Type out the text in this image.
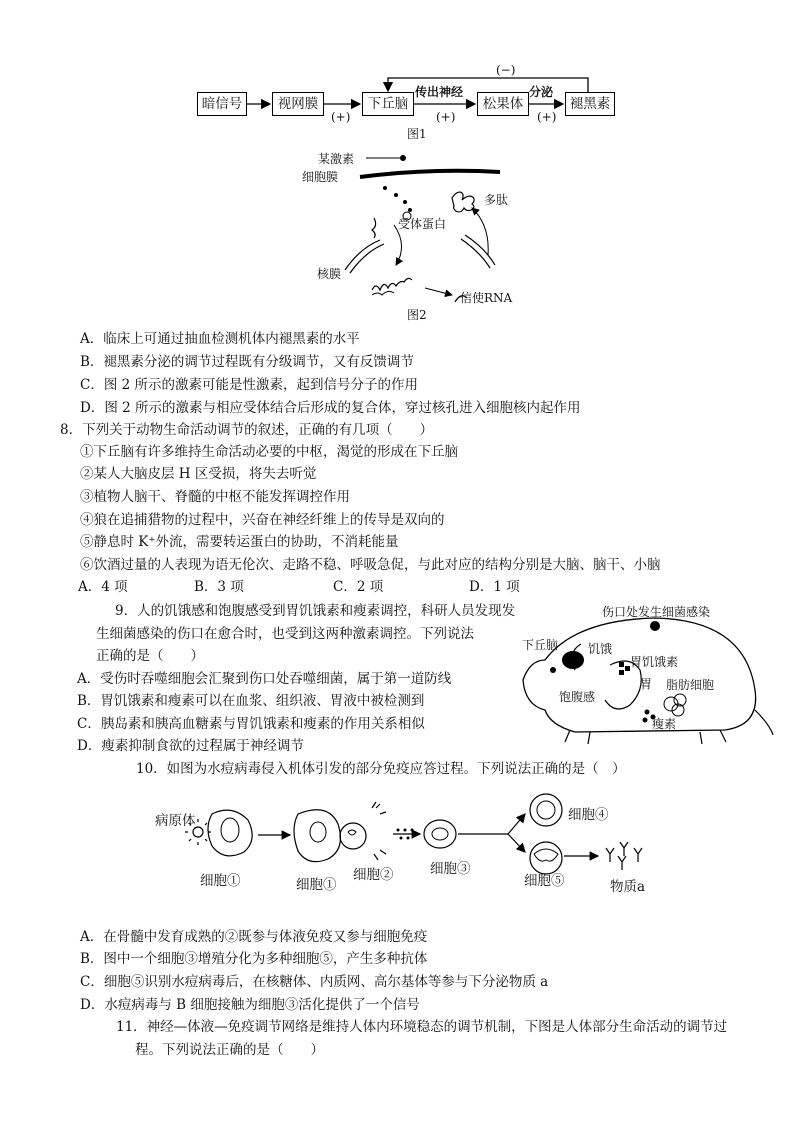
暗信号	视网膜	下丘脑	松果体	褪黑素
传出神经	分泌
(+)	(+)	(+)
(−)
图1
某激素
细胞膜
受体蛋白
多肽
核膜
信使RNA
图2
A．临床上可通过抽血检测机体内褪黑素的水平
B．褪黑素分泌的调节过程既有分级调节，又有反馈调节
C．图 2 所示的激素可能是性激素，起到信号分子的作用
D．图 2 所示的激素与相应受体结合后形成的复合体，穿过核孔进入细胞核内起作用
8．下列关于动物生命活动调节的叙述，正确的有几项（　　）
①下丘脑有许多维持生命活动必要的中枢，渴觉的形成在下丘脑
②某人大脑皮层 H 区受损，将失去听觉
③植物人脑干、脊髓的中枢不能发挥调控作用
④狼在追捕猎物的过程中，兴奋在神经纤维上的传导是双向的
⑤静息时 K⁺外流，需要转运蛋白的协助，不消耗能量
⑥饮酒过量的人表现为语无伦次、走路不稳、呼吸急促，与此对应的结构分别是大脑、脑干、小脑
A．4 项	B．3 项	C．2 项	D．1 项
9．人的饥饿感和饱腹感受到胃饥饿素和瘦素调控，科研人员发现发
生细菌感染的伤口在愈合时，也受到这两种激素调控。下列说法
正确的是（　　）
A．受伤时吞噬细胞会汇聚到伤口处吞噬细菌，属于第一道防线
B．胃饥饿素和瘦素可以在血浆、组织液、胃液中被检测到
C．胰岛素和胰高血糖素与胃饥饿素和瘦素的作用关系相似
D．瘦素抑制食欲的过程属于神经调节
伤口处发生细菌感染
下丘脑 饥饿
胃饥饿素
胃
饱腹感
脂肪细胞
瘦素
10．如图为水痘病毒侵入机体引发的部分免疫应答过程。下列说法正确的是（　）
病原体
细胞①	细胞①
细胞②	细胞③
细胞④
细胞⑤	物质a
A．在骨髓中发育成熟的②既参与体液免疫又参与细胞免疫
B．图中一个细胞③增殖分化为多种细胞⑤，产生多种抗体
C．细胞⑤识别水痘病毒后，在核糖体、内质网、高尔基体等参与下分泌物质 a
D．水痘病毒与 B 细胞接触为细胞③活化提供了一个信号
11．神经—体液—免疫调节网络是维持人体内环境稳态的调节机制，下图是人体部分生命活动的调节过
程。下列说法正确的是（　　）
